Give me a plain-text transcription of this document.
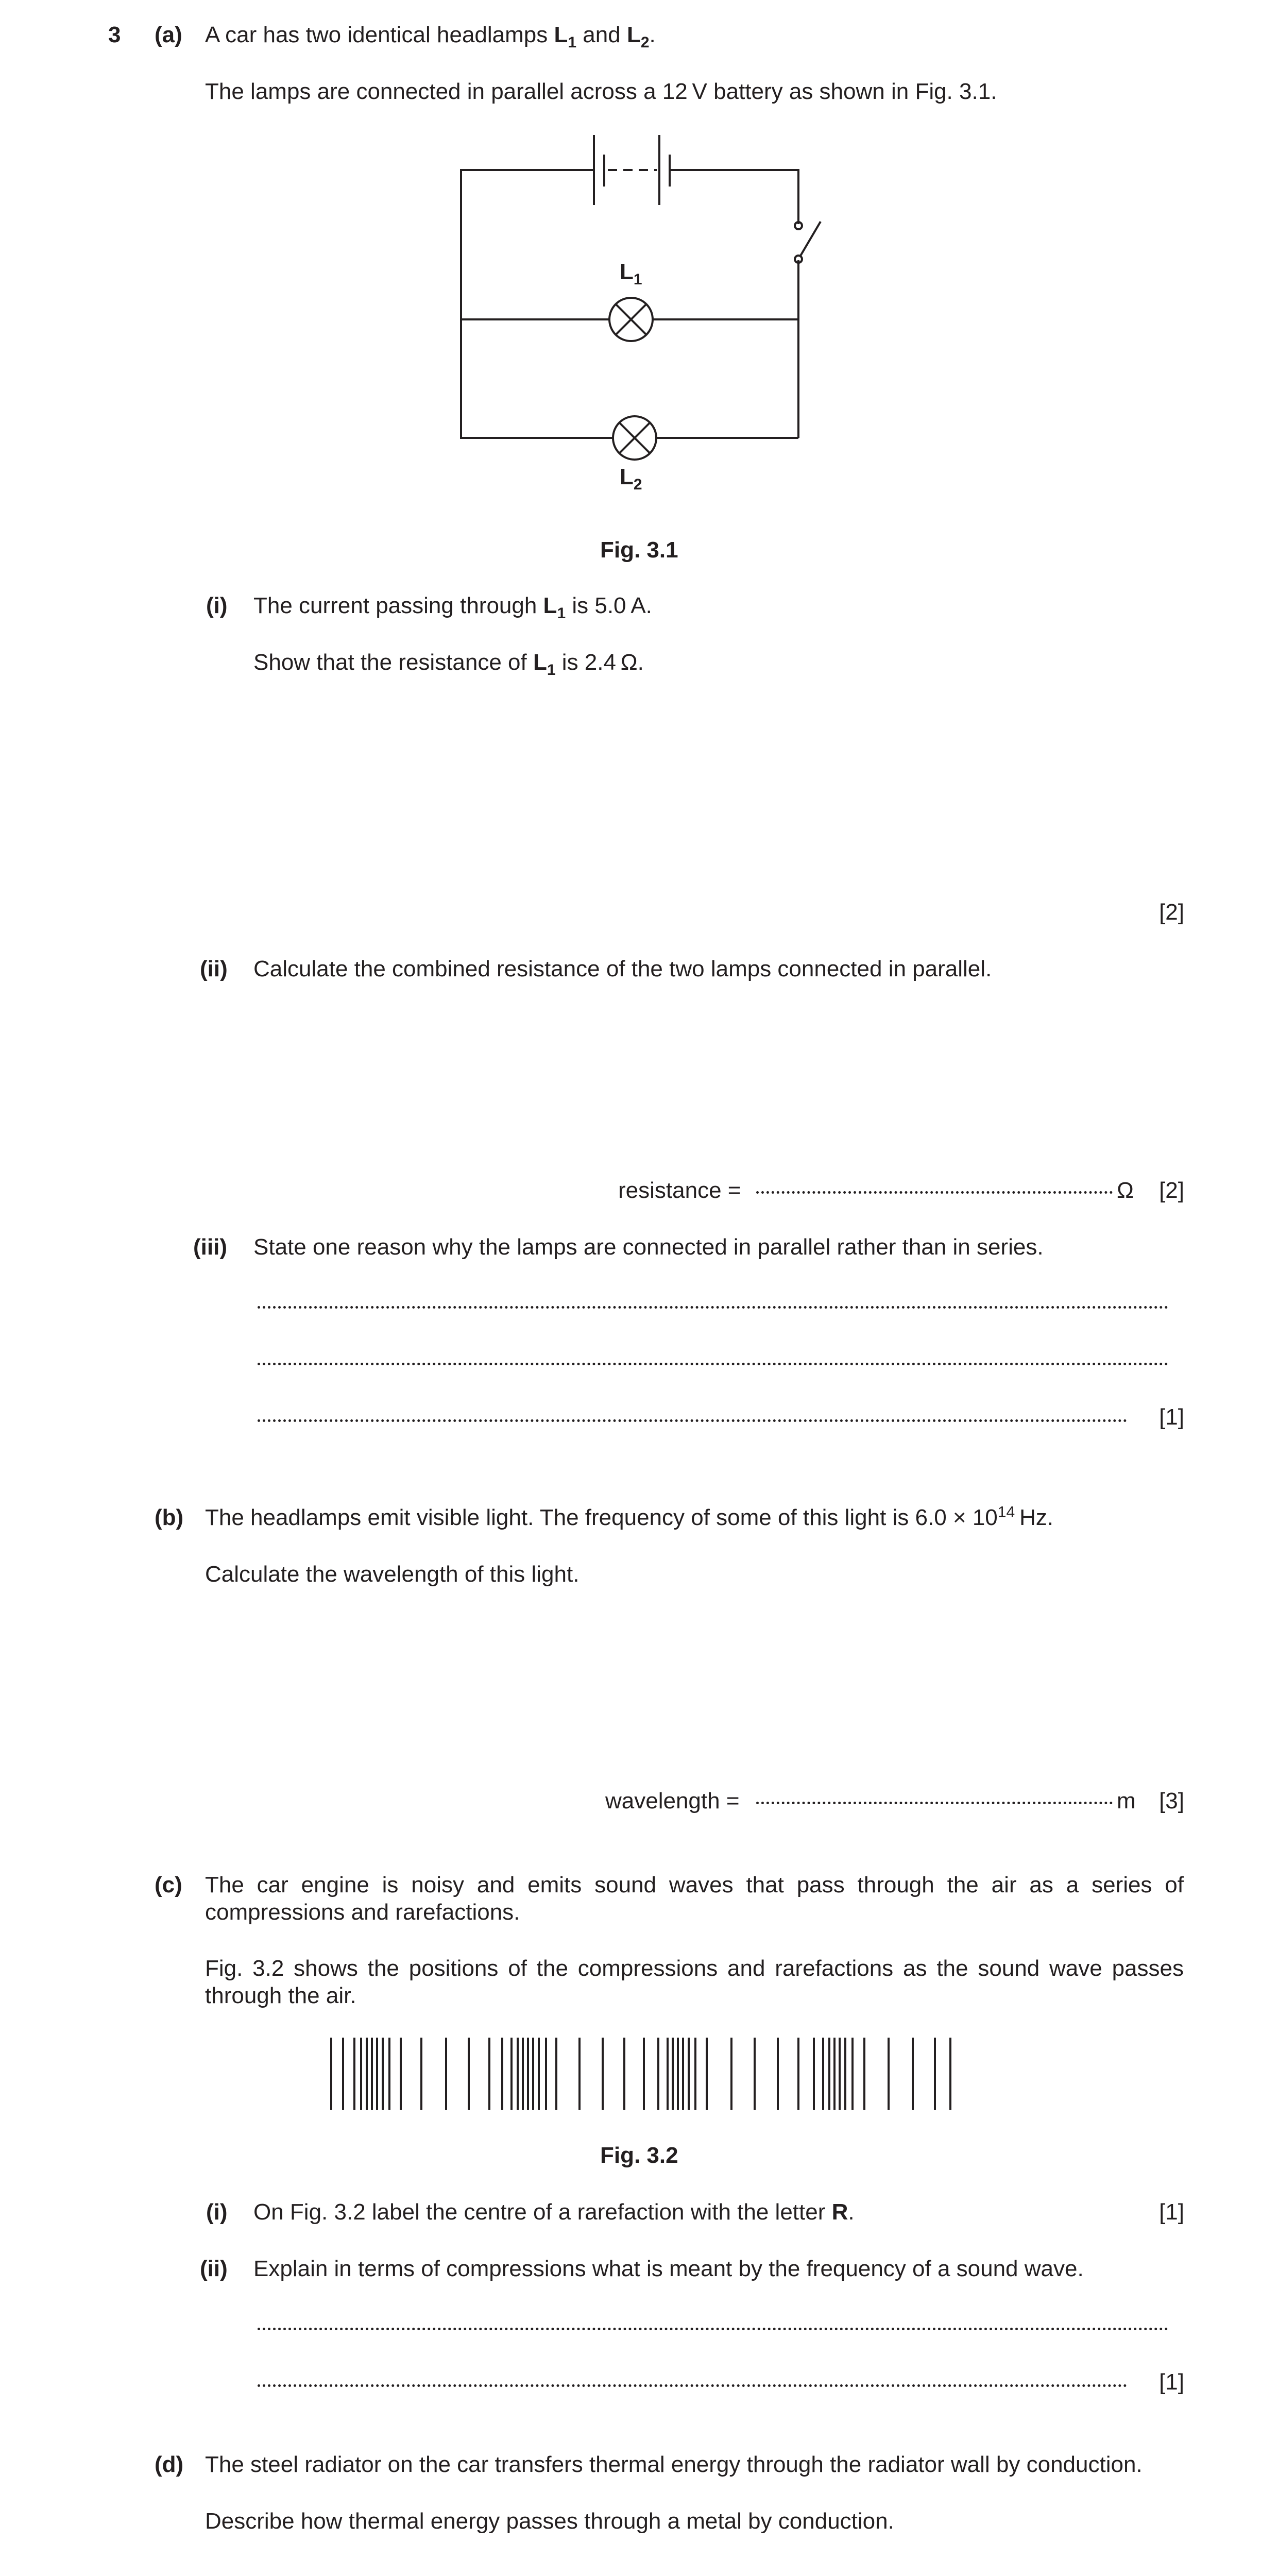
3 (a) A car has two identical headlamps $L_1$ and $L_2$.
The lamps are connected in parallel across a 12 V battery as shown in Fig. 3.1.
$L_1$
$L_2$
Fig. 3.1
(i) The current passing through $L_1$ is 5.0 A.
Show that the resistance of $L_1$ is 2.4 Ω.
[2]
(ii) Calculate the combined resistance of the two lamps connected in parallel.
resistance =	Ω [2]
(iii) State one reason why the lamps are connected in parallel rather than in series.
[1]
(b) The headlamps emit visible light. The frequency of some of this light is $6.0 \times 10^{14}$ Hz.
Calculate the wavelength of this light.
wavelength =	m [3]
(c) The car engine is noisy and emits sound waves that pass through the air as a series of compressions and rarefactions.
Fig. 3.2 shows the positions of the compressions and rarefactions as the sound wave passes through the air.
Fig. 3.2
(i) On Fig. 3.2 label the centre of a rarefaction with the letter R.	[1]
(ii) Explain in terms of compressions what is meant by the frequency of a sound wave.
[1]
(d) The steel radiator on the car transfers thermal energy through the radiator wall by conduction.
Describe how thermal energy passes through a metal by conduction.
